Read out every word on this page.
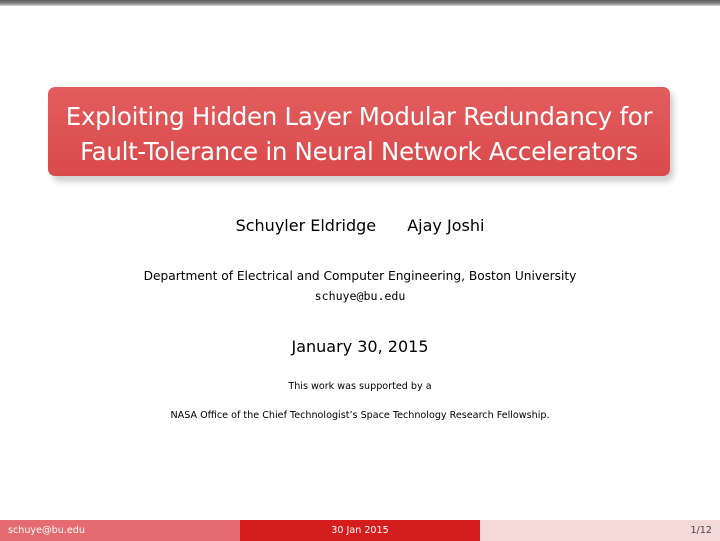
Exploiting Hidden Layer Modular Redundancy for
Fault-Tolerance in Neural Network Accelerators
Schuyler Eldridge Ajay Joshi
Department of Electrical and Computer Engineering, Boston University
schuye@bu.edu
January 30, 2015
This work was supported by a
NASA Office of the Chief Technologist’s Space Technology Research Fellowship.
schuye@bu.edu	30 Jan 2015	1/12
